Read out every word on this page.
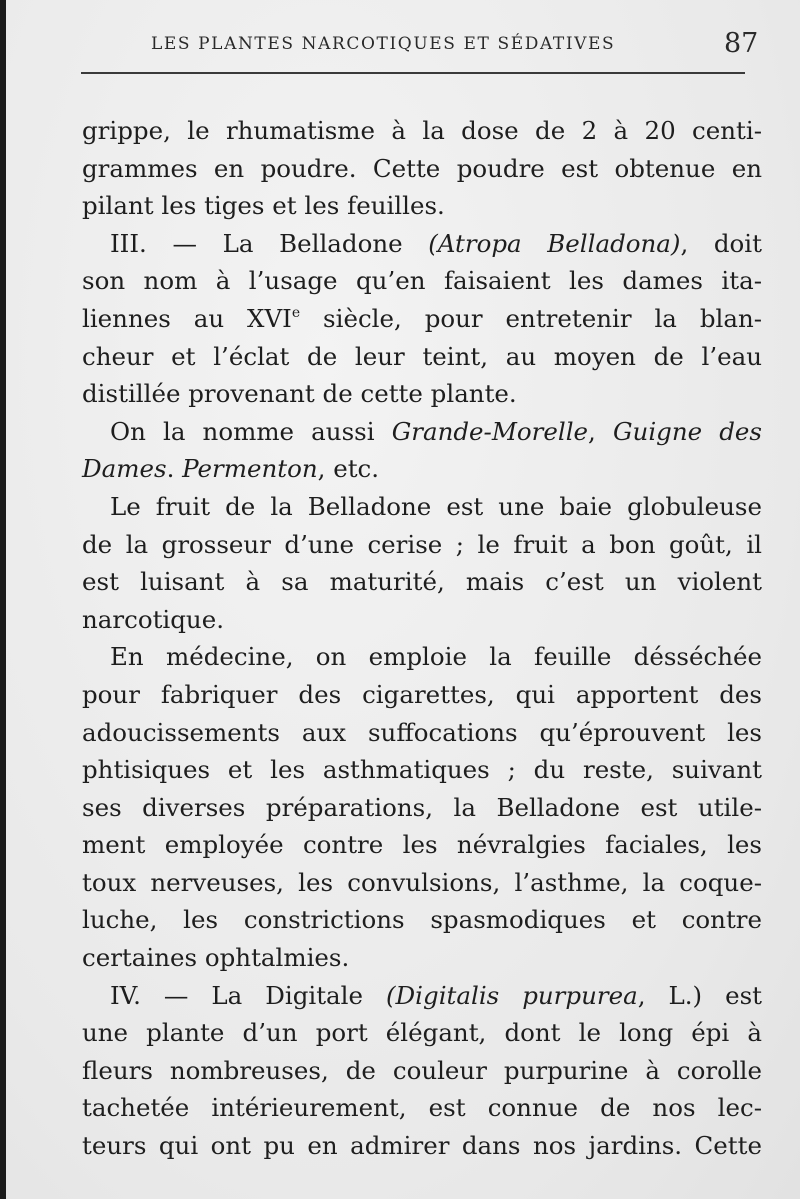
LES PLANTES NARCOTIQUES ET SÉDATIVES	87
grippe, le rhumatisme à la dose de 2 à 20 centi-
grammes en poudre. Cette poudre est obtenue en
pilant les tiges et les feuilles.
III. — La Belladone (Atropa Belladona), doit
son nom à l’usage qu’en faisaient les dames ita-
liennes au XVIe siècle, pour entretenir la blan-
cheur et l’éclat de leur teint, au moyen de l’eau
distillée provenant de cette plante.
On la nomme aussi Grande-Morelle, Guigne des
Dames. Permenton, etc.
Le fruit de la Belladone est une baie globuleuse
de la grosseur d’une cerise ; le fruit a bon goût, il
est luisant à sa maturité, mais c’est un violent
narcotique.
En médecine, on emploie la feuille désséchée
pour fabriquer des cigarettes, qui apportent des
adoucissements aux suffocations qu’éprouvent les
phtisiques et les asthmatiques ; du reste, suivant
ses diverses préparations, la Belladone est utile-
ment employée contre les névralgies faciales, les
toux nerveuses, les convulsions, l’asthme, la coque-
luche, les constrictions spasmodiques et contre
certaines ophtalmies.
IV. — La Digitale (Digitalis purpurea, L.) est
une plante d’un port élégant, dont le long épi à
fleurs nombreuses, de couleur purpurine à corolle
tachetée intérieurement, est connue de nos lec-
teurs qui ont pu en admirer dans nos jardins. Cette
